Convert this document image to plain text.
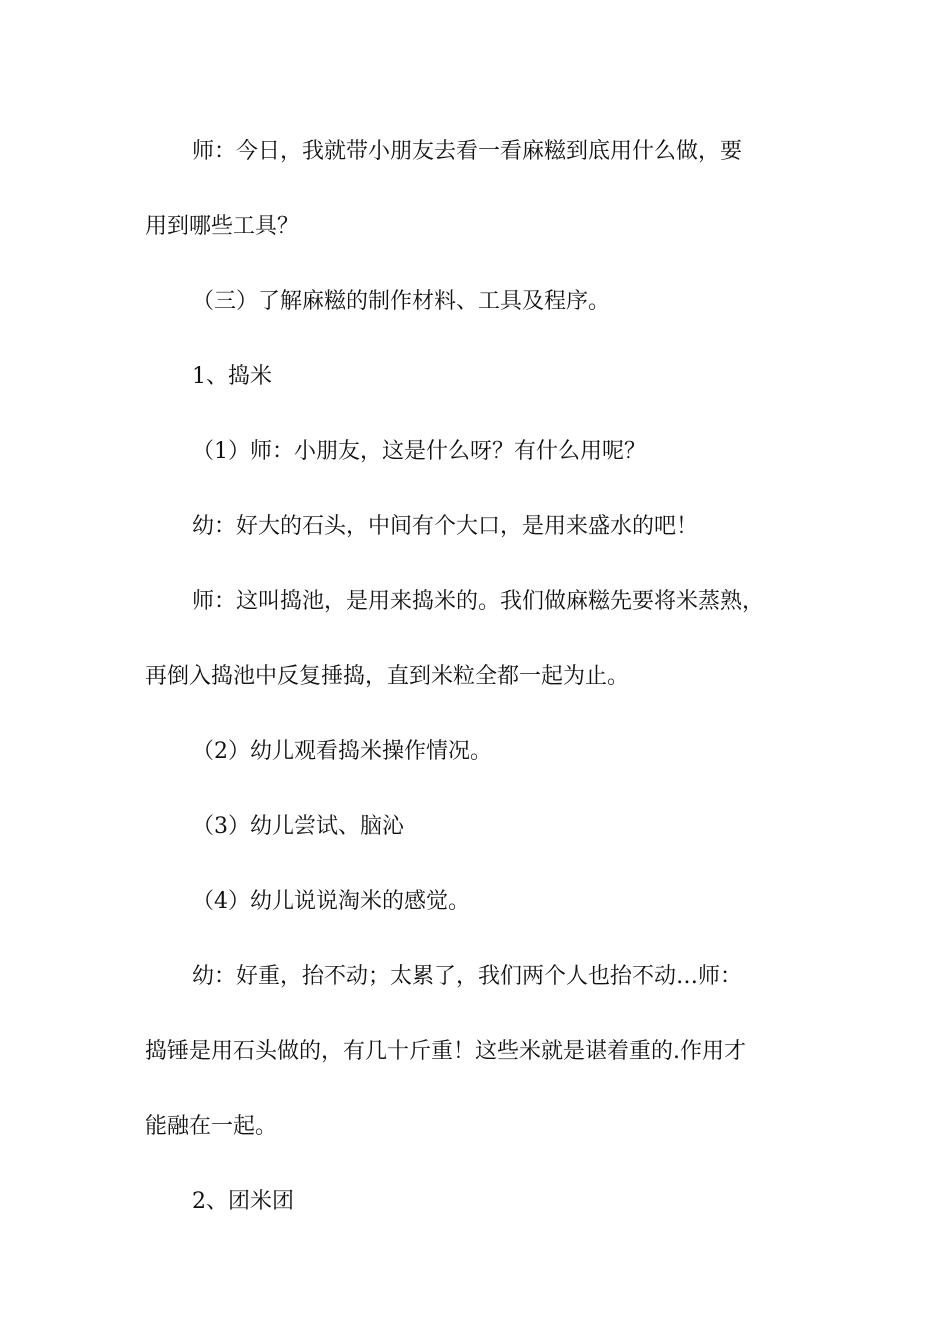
师：今日，我就带小朋友去看一看麻糍到底用什么做，要
用到哪些工具？
（三）了解麻糍的制作材料、工具及程序。
1、捣米
（1）师：小朋友，这是什么呀？有什么用呢？
幼：好大的石头，中间有个大口，是用来盛水的吧！
师：这叫捣池，是用来捣米的。我们做麻糍先要将米蒸熟，
再倒入捣池中反复捶捣，直到米粒全都一起为止。
（2）幼儿观看捣米操作情况。
（3）幼儿尝试、脑沁
（4）幼儿说说淘米的感觉。
幼：好重，抬不动；太累了，我们两个人也抬不动…师：
捣锤是用石头做的，有几十斤重！这些米就是谌着重的.作用才
能融在一起。
2、团米团
